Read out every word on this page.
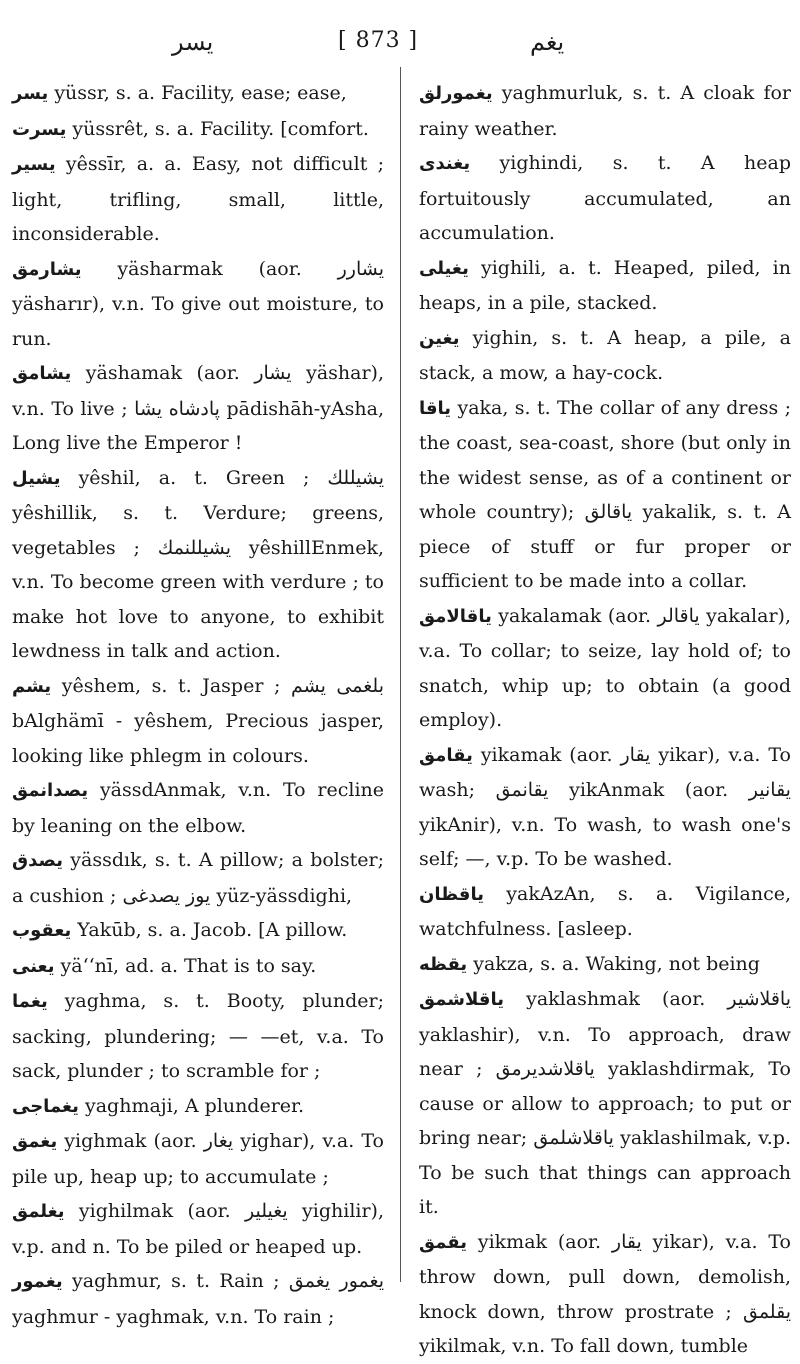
يسر	[ 873 ]	يغم

يسر yüssr, s. a. Facility, ease; ease,

يسرت yüssrêt, s. a. Facility. [comfort.

يسير yêssīr, a. a. Easy, not difficult ; light, trifling, small, little, inconsiderable.

يشارمق yäsharmak (aor. يشارر yäsharır), v.n. To give out moisture, to run.

يشامق yäshamak (aor. يشار yäshar), v.n. To live ; پادشاه يشا pādishāh-yAsha, Long live the Emperor !

يشيل yêshil, a. t. Green ; يشيللك yêshillik, s. t. Verdure; greens, vegetables ; يشيللنمك yêshillEnmek, v.n. To become green with verdure ; to make hot love to anyone, to exhibit lewdness in talk and action.

يشم yêshem, s. t. Jasper ; بلغمی يشم bAlghämī - yêshem, Precious jasper, looking like phlegm in colours.

يصدانمق yässdAnmak, v.n. To recline by leaning on the elbow.

يصدق yässdık, s. t. A pillow; a bolster; a cushion ; يوز يصدغى yüz-yässdighi,

يعقوب Yakūb, s. a. Jacob. [A pillow.

يعنى yä‘‘nī, ad. a. That is to say.

يغما yaghma, s. t. Booty, plunder; sacking, plundering; — —et, v.a. To sack, plunder ; to scramble for ;

يغماجى yaghmaji, A plunderer.

يغمق yighmak (aor. يغار yighar), v.a. To pile up, heap up; to accumulate ;

يغلمق yighilmak (aor. يغيلير yighilir), v.p. and n. To be piled or heaped up.

يغمور yaghmur, s. t. Rain ; يغمور يغمق yaghmur - yaghmak, v.n. To rain ;

يغمورلق yaghmurluk, s. t. A cloak for rainy weather.

يغندى yighindi, s. t. A heap fortuitously accumulated, an accumulation.

يغيلى yighili, a. t. Heaped, piled, in heaps, in a pile, stacked.

يغين yighin, s. t. A heap, a pile, a stack, a mow, a hay-cock.

ياقا yaka, s. t. The collar of any dress ; the coast, sea-coast, shore (but only in the widest sense, as of a continent or whole country); ياقالق yakalik, s. t. A piece of stuff or fur proper or sufficient to be made into a collar.

ياقالامق yakalamak (aor. ياقالر yakalar), v.a. To collar; to seize, lay hold of; to snatch, whip up; to obtain (a good employ).

يقامق yikamak (aor. يقار yikar), v.a. To wash; يقانمق yikAnmak (aor. يقانير yikAnir), v.n. To wash, to wash one's self; —, v.p. To be washed.

ياقظان yakAzAn, s. a. Vigilance, watchfulness. [asleep.

يقظه yakza, s. a. Waking, not being

ياقلاشمق yaklashmak (aor. ياقلاشير yaklashir), v.n. To approach, draw near ; ياقلاشديرمق yaklashdirmak, To cause or allow to approach; to put or bring near; ياقلاشلمق yaklashilmak, v.p. To be such that things can approach it.

يقمق yikmak (aor. يقار yikar), v.a. To throw down, pull down, demolish, knock down, throw prostrate ; يقلمق yikilmak, v.n. To fall down, tumble
